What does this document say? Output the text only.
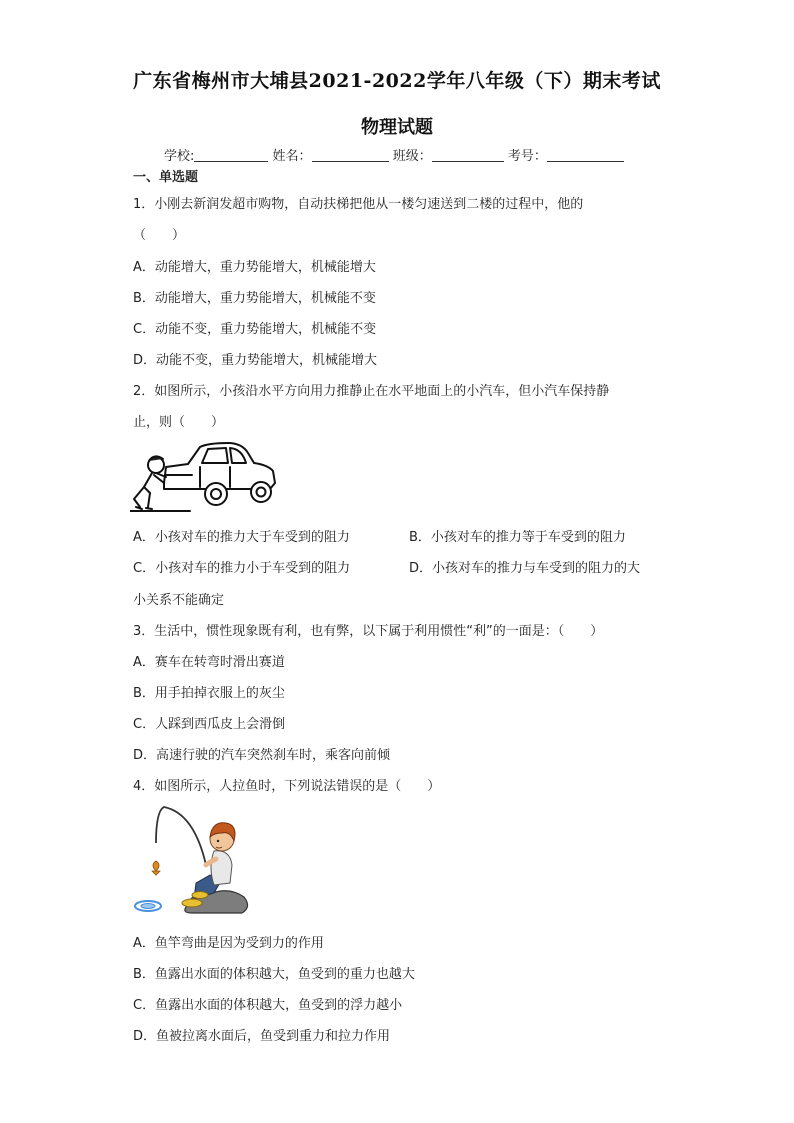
广东省梅州市大埔县2021-2022学年八年级（下）期末考试
物理试题
学校:	姓名：	班级：	考号：
一、单选题
1．小刚去新润发超市购物，自动扶梯把他从一楼匀速送到二楼的过程中，他的
（　　）
A．动能增大，重力势能增大，机械能增大
B．动能增大，重力势能增大，机械能不变
C．动能不变，重力势能增大，机械能不变
D．动能不变，重力势能增大，机械能增大
2．如图所示，小孩沿水平方向用力推静止在水平地面上的小汽车，但小汽车保持静
止，则（　　）
A．小孩对车的推力大于车受到的阻力	B．小孩对车的推力等于车受到的阻力
C．小孩对车的推力小于车受到的阻力	D．小孩对车的推力与车受到的阻力的大
小关系不能确定
3．生活中，惯性现象既有利，也有弊，以下属于利用惯性“利”的一面是：（　　）
A．赛车在转弯时滑出赛道
B．用手拍掉衣服上的灰尘
C．人踩到西瓜皮上会滑倒
D．高速行驶的汽车突然刹车时，乘客向前倾
4．如图所示，人拉鱼时，下列说法错误的是（　　）
A．鱼竿弯曲是因为受到力的作用
B．鱼露出水面的体积越大，鱼受到的重力也越大
C．鱼露出水面的体积越大，鱼受到的浮力越小
D．鱼被拉离水面后，鱼受到重力和拉力作用
